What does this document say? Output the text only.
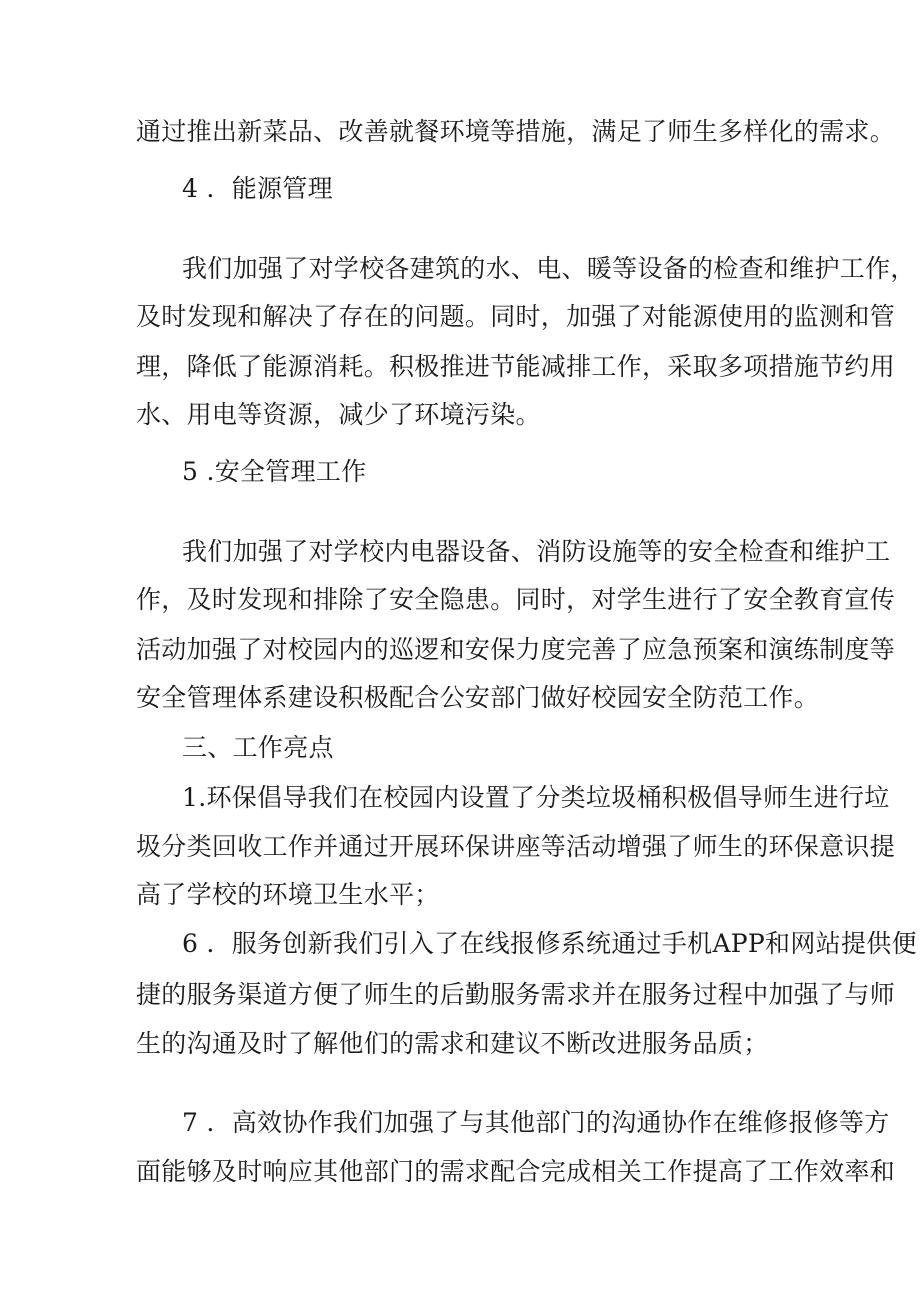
通过推出新菜品、改善就餐环境等措施，满足了师生多样化的需求。
4 ．能源管理
我们加强了对学校各建筑的水、电、暖等设备的检查和维护工作，
及时发现和解决了存在的问题。同时，加强了对能源使用的监测和管
理，降低了能源消耗。积极推进节能减排工作，采取多项措施节约用
水、用电等资源，减少了环境污染。
5 .安全管理工作
我们加强了对学校内电器设备、消防设施等的安全检查和维护工
作，及时发现和排除了安全隐患。同时，对学生进行了安全教育宣传
活动加强了对校园内的巡逻和安保力度完善了应急预案和演练制度等
安全管理体系建设积极配合公安部门做好校园安全防范工作。
三、工作亮点
1.环保倡导我们在校园内设置了分类垃圾桶积极倡导师生进行垃
圾分类回收工作并通过开展环保讲座等活动增强了师生的环保意识提
高了学校的环境卫生水平；
6 ．服务创新我们引入了在线报修系统通过手机APP和网站提供便
捷的服务渠道方便了师生的后勤服务需求并在服务过程中加强了与师
生的沟通及时了解他们的需求和建议不断改进服务品质；
7 ．高效协作我们加强了与其他部门的沟通协作在维修报修等方
面能够及时响应其他部门的需求配合完成相关工作提高了工作效率和
